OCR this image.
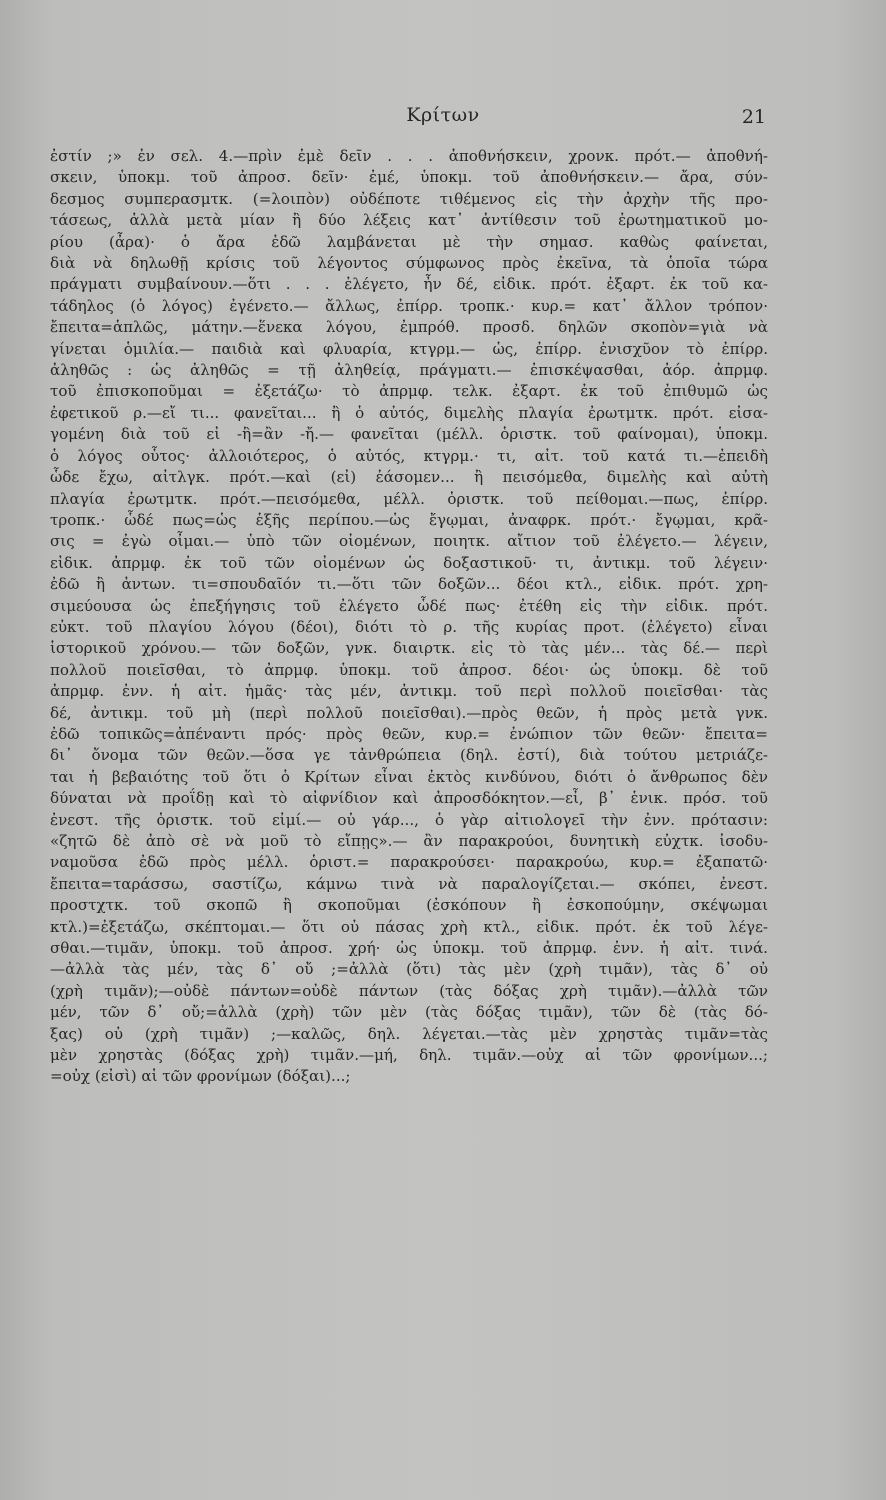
Κρίτων	21
ἐστίν ;» ἐν σελ. 4.—πρὶν ἐμὲ δεῖν . . . ἀποθνήσκειν, χρονκ. πρότ.— ἀποθνή-
σκειν, ὑποκμ. τοῦ ἀπροσ. δεῖν· ἐμέ, ὑποκμ. τοῦ ἀποθνήσκειν.— ἄρα, σύν-
δεσμος συμπερασμτκ. (=λοιπὸν) οὐδέποτε τιθέμενος εἰς τὴν ἀρχὴν τῆς προ-
τάσεως, ἀλλὰ μετὰ μίαν ἢ δύο λέξεις κατ᾽ ἀντίθεσιν τοῦ ἐρωτηματικοῦ μο-
ρίου (ἆρα)· ὁ ἄρα ἐδῶ λαμβάνεται μὲ τὴν σημασ. καθὼς φαίνεται,
διὰ νὰ δηλωθῇ κρίσις τοῦ λέγοντος σύμφωνος πρὸς ἐκεῖνα, τὰ ὁποῖα τώρα
πράγματι συμβαίνουν.—ὅτι . . . ἐλέγετο, ἦν δέ, εἰδικ. πρότ. ἐξαρτ. ἐκ τοῦ κα-
τάδηλος (ὁ λόγος) ἐγένετο.— ἄλλως, ἐπίρρ. τροπκ.· κυρ.= κατ᾽ ἄλλον τρόπον·
ἔπειτα=ἁπλῶς, μάτην.—ἕνεκα λόγου, ἐμπρόθ. προσδ. δηλῶν σκοπὸν=γιὰ νὰ
γίνεται ὁμιλία.— παιδιὰ καὶ φλυαρία, κτγρμ.— ὡς, ἐπίρρ. ἐνισχῦον τὸ ἐπίρρ.
ἀληθῶς : ὡς ἀληθῶς = τῇ ἀληθείᾳ, πράγματι.— ἐπισκέψασθαι, ἀόρ. ἀπρμφ.
τοῦ ἐπισκοποῦμαι = ἐξετάζω· τὸ ἀπρμφ. τελκ. ἐξαρτ. ἐκ τοῦ ἐπιθυμῶ ὡς
ἐφετικοῦ ρ.—εἴ τι... φανεῖται... ἢ ὁ αὐτός, διμελὴς πλαγία ἐρωτμτκ. πρότ. εἰσα-
γομένη διὰ τοῦ εἰ -ἢ=ἂν -ἤ.— φανεῖται (μέλλ. ὁριστκ. τοῦ φαίνομαι), ὑποκμ.
ὁ λόγος οὗτος· ἀλλοιότερος, ὁ αὐτός, κτγρμ.· τι, αἰτ. τοῦ κατά τι.—ἐπειδὴ
ὧδε ἔχω, αἰτλγκ. πρότ.—καὶ (εἰ) ἐάσομεν... ἢ πεισόμεθα, διμελὴς καὶ αὐτὴ
πλαγία ἐρωτμτκ. πρότ.—πεισόμεθα, μέλλ. ὁριστκ. τοῦ πείθομαι.—πως, ἐπίρρ.
τροπκ.· ὧδέ πως=ὡς ἑξῆς περίπου.—ὡς ἔγῳμαι, ἀναφρκ. πρότ.· ἔγῳμαι, κρᾶ-
σις = ἐγὼ οἶμαι.— ὑπὸ τῶν οἰομένων, ποιητκ. αἴτιον τοῦ ἐλέγετο.— λέγειν,
εἰδικ. ἀπρμφ. ἐκ τοῦ τῶν οἰομένων ὡς δοξαστικοῦ· τι, ἀντικμ. τοῦ λέγειν·
ἐδῶ ἢ ἀντων. τι=σπουδαῖόν τι.—ὅτι τῶν δοξῶν... δέοι κτλ., εἰδικ. πρότ. χρη-
σιμεύουσα ὡς ἐπεξήγησις τοῦ ἐλέγετο ὧδέ πως· ἐτέθη εἰς τὴν εἰδικ. πρότ.
εὐκτ. τοῦ πλαγίου λόγου (δέοι), διότι τὸ ρ. τῆς κυρίας προτ. (ἐλέγετο) εἶναι
ἱστορικοῦ χρόνου.— τῶν δοξῶν, γνκ. διαιρτκ. εἰς τὸ τὰς μέν... τὰς δέ.— περὶ
πολλοῦ ποιεῖσθαι, τὸ ἀπρμφ. ὑποκμ. τοῦ ἀπροσ. δέοι· ὡς ὑποκμ. δὲ τοῦ
ἀπρμφ. ἐνν. ἡ αἰτ. ἡμᾶς· τὰς μέν, ἀντικμ. τοῦ περὶ πολλοῦ ποιεῖσθαι· τὰς
δέ, ἀντικμ. τοῦ μὴ (περὶ πολλοῦ ποιεῖσθαι).—πρὸς θεῶν, ἡ πρὸς μετὰ γνκ.
ἐδῶ τοπικῶς=ἀπέναντι πρός· πρὸς θεῶν, κυρ.= ἐνώπιον τῶν θεῶν· ἔπειτα=
δι᾽ ὄνομα τῶν θεῶν.—ὅσα γε τἀνθρώπεια (δηλ. ἐστί), διὰ τούτου μετριάζε-
ται ἡ βεβαιότης τοῦ ὅτι ὁ Κρίτων εἶναι ἐκτὸς κινδύνου, διότι ὁ ἄνθρωπος δὲν
δύναται νὰ προΐδῃ καὶ τὸ αἰφνίδιον καὶ ἀπροσδόκητον.—εἶ, β᾽ ἑνικ. πρόσ. τοῦ
ἐνεστ. τῆς ὁριστκ. τοῦ εἰμί.— οὐ γάρ..., ὁ γὰρ αἰτιολογεῖ τὴν ἐνν. πρότασιν:
«ζητῶ δὲ ἀπὸ σὲ νὰ μοῦ τὸ εἴπῃς».— ἂν παρακρούοι, δυνητικὴ εὐχτκ. ἰσοδυ-
ναμοῦσα ἐδῶ πρὸς μέλλ. ὁριστ.= παρακρούσει· παρακρούω, κυρ.= ἐξαπατῶ·
ἔπειτα=ταράσσω, σαστίζω, κάμνω τινὰ νὰ παραλογίζεται.— σκόπει, ἐνεστ.
προστχτκ. τοῦ σκοπῶ ἢ σκοποῦμαι (ἐσκόπουν ἢ ἐσκοπούμην, σκέψωμαι
κτλ.)=ἐξετάζω, σκέπτομαι.— ὅτι οὐ πάσας χρὴ κτλ., εἰδικ. πρότ. ἐκ τοῦ λέγε-
σθαι.—τιμᾶν, ὑποκμ. τοῦ ἀπροσ. χρή· ὡς ὑποκμ. τοῦ ἀπρμφ. ἐνν. ἡ αἰτ. τινά.
—ἀλλὰ τὰς μέν, τὰς δ᾽ οὔ ;=ἀλλὰ (ὅτι) τὰς μὲν (χρὴ τιμᾶν), τὰς δ᾽ οὐ
(χρὴ τιμᾶν);—οὐδὲ πάντων=οὐδὲ πάντων (τὰς δόξας χρὴ τιμᾶν).—ἀλλὰ τῶν
μέν, τῶν δ᾽ οὔ;=ἀλλὰ (χρὴ) τῶν μὲν (τὰς δόξας τιμᾶν), τῶν δὲ (τὰς δό-
ξας) οὐ (χρὴ τιμᾶν) ;—καλῶς, δηλ. λέγεται.—τὰς μὲν χρηστὰς τιμᾶν=τὰς
μὲν χρηστὰς (δόξας χρὴ) τιμᾶν.—μή, δηλ. τιμᾶν.—οὐχ αἱ τῶν φρονίμων...;
=οὐχ (εἰσὶ) αἱ τῶν φρονίμων (δόξαι)...;
